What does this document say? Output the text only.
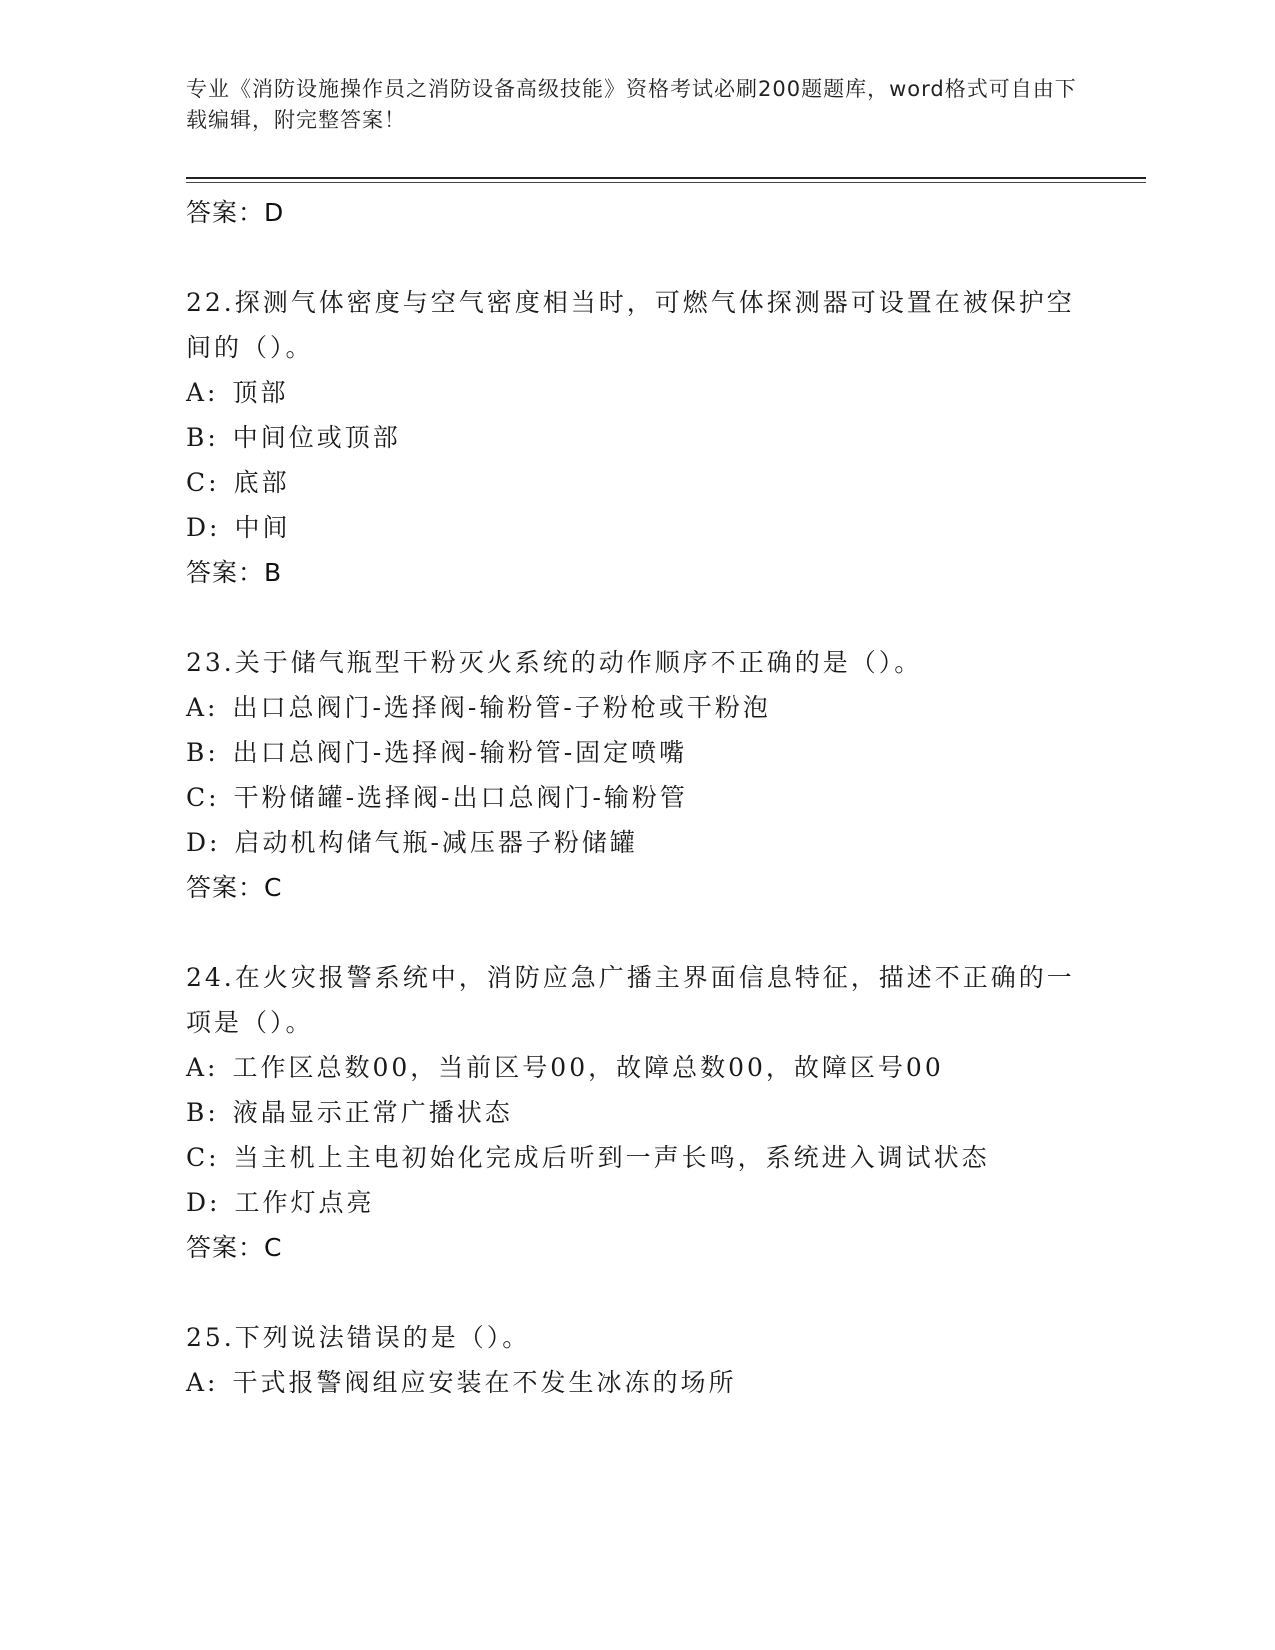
专业《消防设施操作员之消防设备高级技能》资格考试必刷200题题库，word格式可自由下载编辑，附完整答案！
答案：D
22.探测气体密度与空气密度相当时，可燃气体探测器可设置在被保护空间的（）。
A: 顶部
B: 中间位或顶部
C: 底部
D: 中间
答案：B
23.关于储气瓶型干粉灭火系统的动作顺序不正确的是（）。
A: 出口总阀门-选择阀-输粉管-子粉枪或干粉泡
B: 出口总阀门-选择阀-输粉管-固定喷嘴
C: 干粉储罐-选择阀-出口总阀门-输粉管
D: 启动机构储气瓶-减压器子粉储罐
答案：C
24.在火灾报警系统中，消防应急广播主界面信息特征，描述不正确的一项是（）。
A: 工作区总数00，当前区号00，故障总数00，故障区号00
B: 液晶显示正常广播状态
C: 当主机上主电初始化完成后听到一声长鸣，系统进入调试状态
D: 工作灯点亮
答案：C
25.下列说法错误的是（）。
A: 干式报警阀组应安装在不发生冰冻的场所
